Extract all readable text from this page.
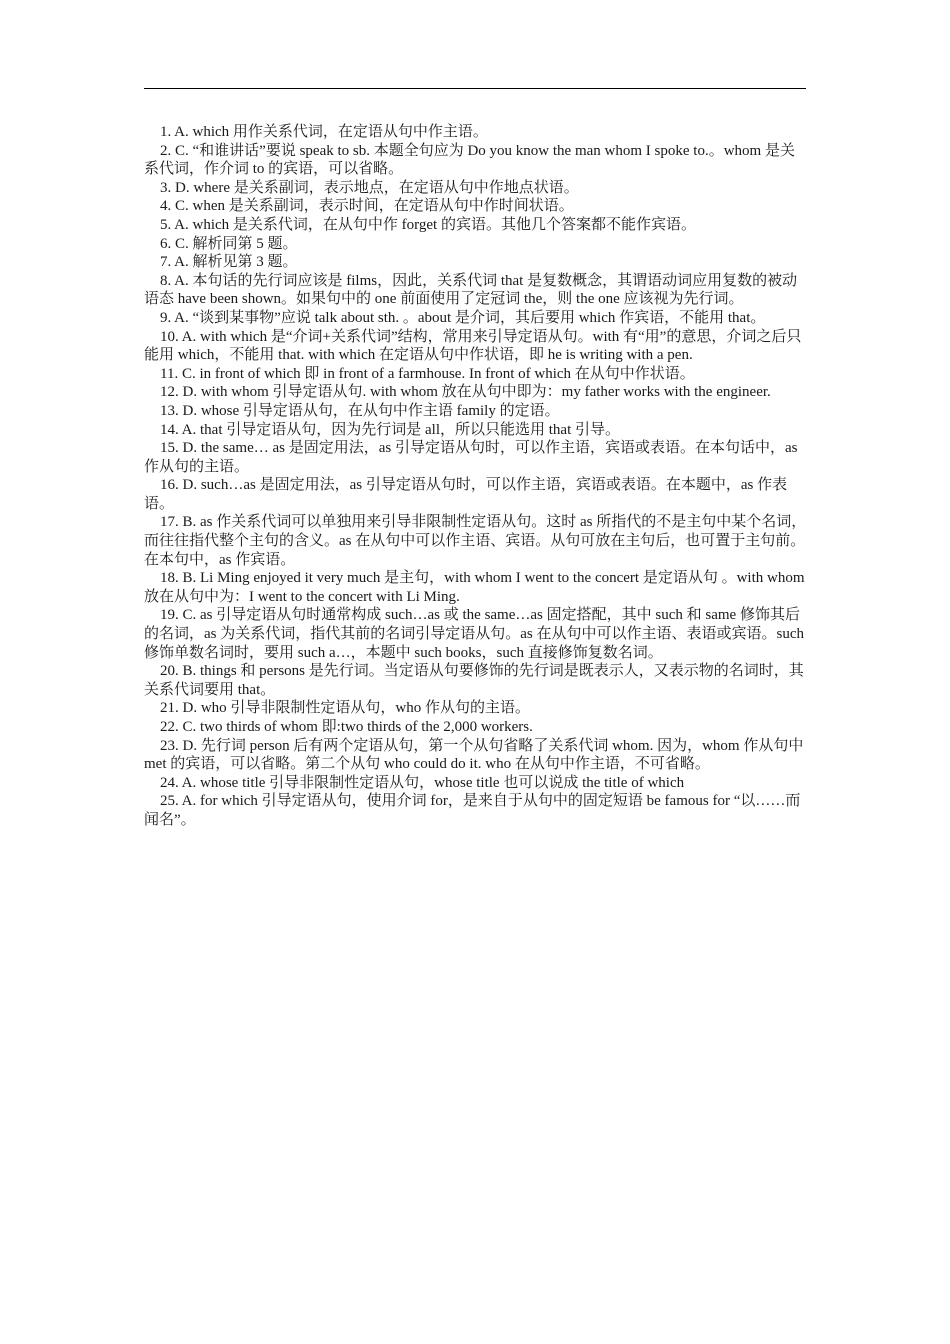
1. A. which 用作关系代词，在定语从句中作主语。

2. C. “和谁讲话”要说 speak to sb. 本题全句应为 Do you know the man whom I spoke to.。whom 是关系代词，作介词 to 的宾语，可以省略。

3. D. where 是关系副词，表示地点，在定语从句中作地点状语。

4. C. when 是关系副词，表示时间，在定语从句中作时间状语。

5. A. which 是关系代词，在从句中作 forget 的宾语。其他几个答案都不能作宾语。

6. C. 解析同第 5 题。

7. A. 解析见第 3 题。

8. A. 本句话的先行词应该是 films，因此，关系代词 that 是复数概念，其谓语动词应用复数的被动语态 have been shown。如果句中的 one 前面使用了定冠词 the，则 the one 应该视为先行词。

9. A. “谈到某事物”应说 talk about sth. 。about 是介词，其后要用 which 作宾语，不能用 that。

10. A. with which 是“介词+关系代词”结构，常用来引导定语从句。with 有“用”的意思，介词之后只能用 which，不能用 that. with which 在定语从句中作状语，即 he is writing with a pen.

11. C. in front of which 即 in front of a farmhouse. In front of which 在从句中作状语。

12. D. with whom 引导定语从句. with whom 放在从句中即为：my father works with the engineer.

13. D. whose 引导定语从句，在从句中作主语 family 的定语。

14. A. that 引导定语从句，因为先行词是 all，所以只能选用 that 引导。

15. D. the same… as 是固定用法，as 引导定语从句时，可以作主语，宾语或表语。在本句话中，as 作从句的主语。

16. D. such…as 是固定用法，as 引导定语从句时，可以作主语，宾语或表语。在本题中，as 作表语。

17. B. as 作关系代词可以单独用来引导非限制性定语从句。这时 as 所指代的不是主句中某个名词，而往往指代整个主句的含义。as 在从句中可以作主语、宾语。从句可放在主句后，也可置于主句前。在本句中，as 作宾语。

18. B. Li Ming enjoyed it very much 是主句，with whom I went to the concert 是定语从句 。with whom 放在从句中为：I went to the concert with Li Ming.

19. C. as 引导定语从句时通常构成 such…as 或 the same…as 固定搭配，其中 such 和 same 修饰其后的名词，as 为关系代词，指代其前的名词引导定语从句。as 在从句中可以作主语、表语或宾语。such 修饰单数名词时，要用 such a…，本题中 such books，such 直接修饰复数名词。

20. B. things 和 persons 是先行词。当定语从句要修饰的先行词是既表示人，又表示物的名词时，其关系代词要用 that。

21. D. who 引导非限制性定语从句，who 作从句的主语。

22. C. two thirds of whom 即:two thirds of the 2,000 workers.

23. D. 先行词 person 后有两个定语从句，第一个从句省略了关系代词 whom. 因为，whom 作从句中 met 的宾语，可以省略。第二个从句 who could do it. who 在从句中作主语，不可省略。

24. A. whose title 引导非限制性定语从句，whose title 也可以说成 the title of which

25. A. for which 引导定语从句，使用介词 for，是来自于从句中的固定短语 be famous for “以……而闻名”。
